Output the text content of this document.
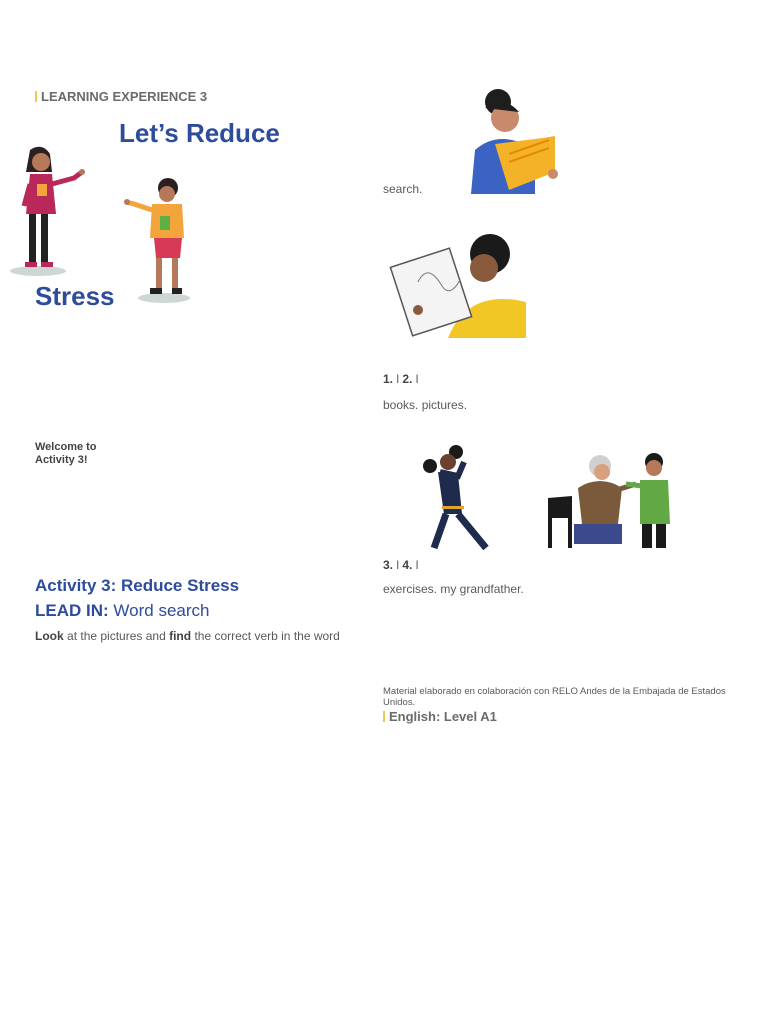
LEARNING EXPERIENCE 3
Let’s Reduce
Stress
Welcome to Activity 3!
Activity 3: Reduce Stress
LEAD IN: Word search
Look at the pictures and find the correct verb in the word
search.
1. l 2. l
books. pictures.
3. l 4. l
exercises. my grandfather.
Material elaborado en colaboración con RELO Andes de la Embajada de Estados Unidos.
English: Level A1
